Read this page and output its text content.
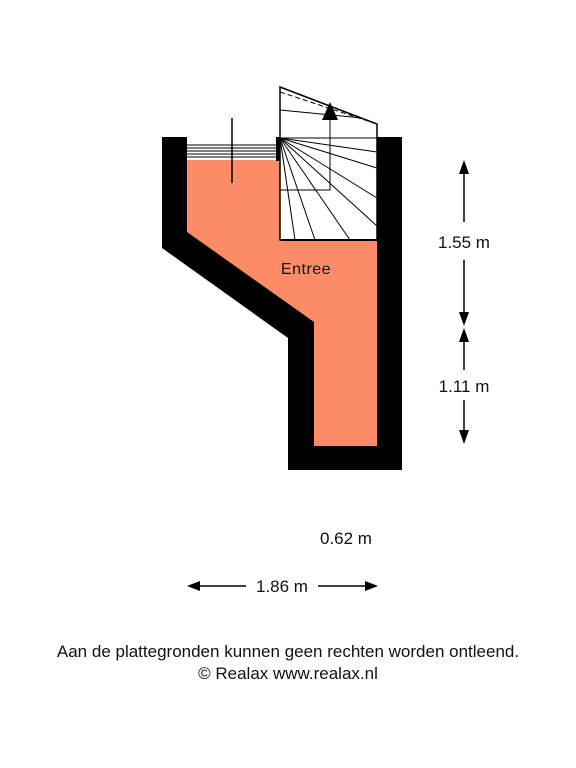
Entree
1.55 m
1.11 m
0.62 m
1.86 m
Aan de plattegronden kunnen geen rechten worden ontleend.
© Realax www.realax.nl
